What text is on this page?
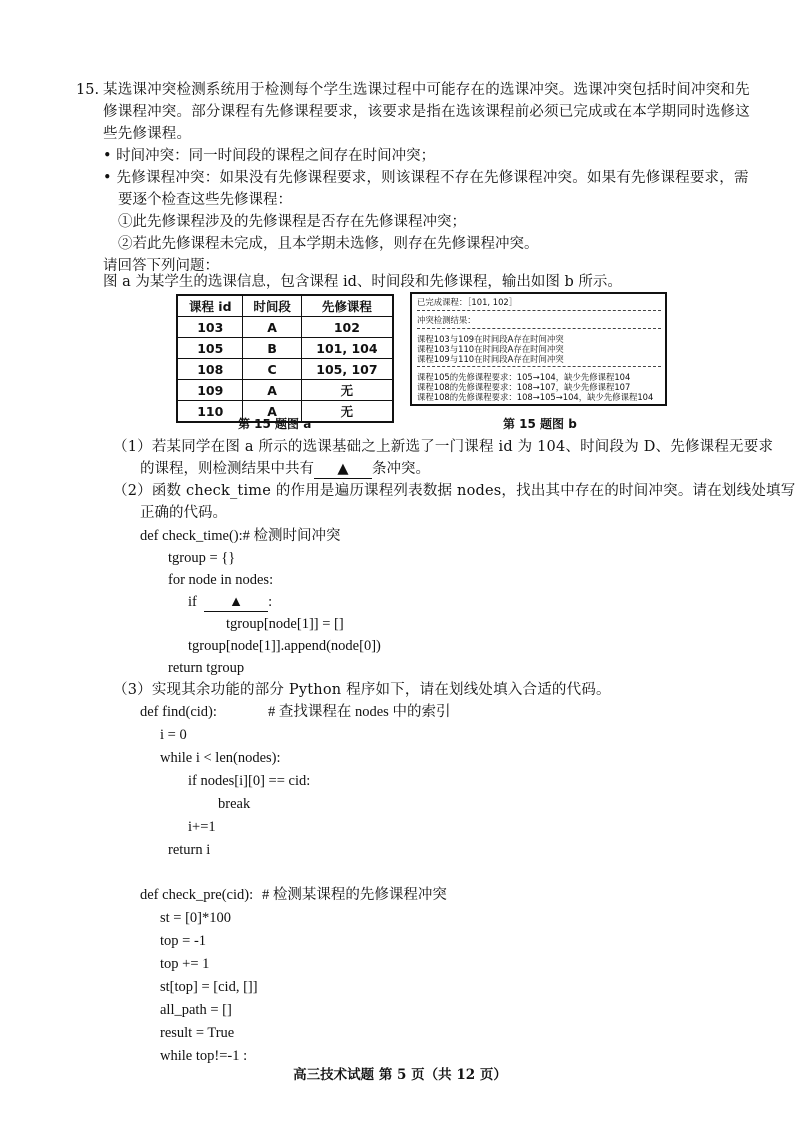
15. 某选课冲突检测系统用于检测每个学生选课过程中可能存在的选课冲突。选课冲突包括时间冲突和先

修课程冲突。部分课程有先修课程要求，该要求是指在选该课程前必须已完成或在本学期同时选修这

些先修课程。

• 时间冲突：同一时间段的课程之间存在时间冲突；

• 先修课程冲突：如果没有先修课程要求，则该课程不存在先修课程冲突。如果有先修课程要求，需

要逐个检查这些先修课程：

①此先修课程涉及的先修课程是否存在先修课程冲突；

②若此先修课程未完成，且本学期未选修，则存在先修课程冲突。

请回答下列问题：

图 a 为某学生的选课信息，包含课程 id、时间段和先修课程，输出如图 b 所示。

课程 id	时间段	先修课程
103	A	102
105	B	101, 104
108	C	105, 107
109	A	无
110	A	无
第 15 题图 a
已完成课程：［101, 102］
冲突检测结果：
课程103与109在时间段A存在时间冲突
课程103与110在时间段A存在时间冲突
课程109与110在时间段A存在时间冲突
课程105的先修课程要求：105→104，缺少先修课程104
课程108的先修课程要求：108→107，缺少先修课程107
课程108的先修课程要求：108→105→104，缺少先修课程104
第 15 题图 b

（1）若某同学在图 a 所示的选课基础之上新选了一门课程 id 为 104、时间段为 D、先修课程无要求

的课程，则检测结果中共有 ▲ 条冲突。

（2）函数 check_time 的作用是遍历课程列表数据 nodes，找出其中存在的时间冲突。请在划线处填写

正确的代码。

def check_time():# 检测时间冲突

tgroup = {}

for node in nodes:

if ▲ :

tgroup[node[1]] = []

tgroup[node[1]].append(node[0])

return tgroup

（3）实现其余功能的部分 Python 程序如下，请在划线处填入合适的代码。

def find(cid):	# 查找课程在 nodes 中的索引

i = 0

while i < len(nodes):

if nodes[i][0] == cid:

break

i+=1

return i

def check_pre(cid): # 检测某课程的先修课程冲突

st = [0]*100

top = -1

top += 1

st[top] = [cid, []]

all_path = []

result = True

while top!=-1 :

高三技术试题 第 5 页（共 12 页）
